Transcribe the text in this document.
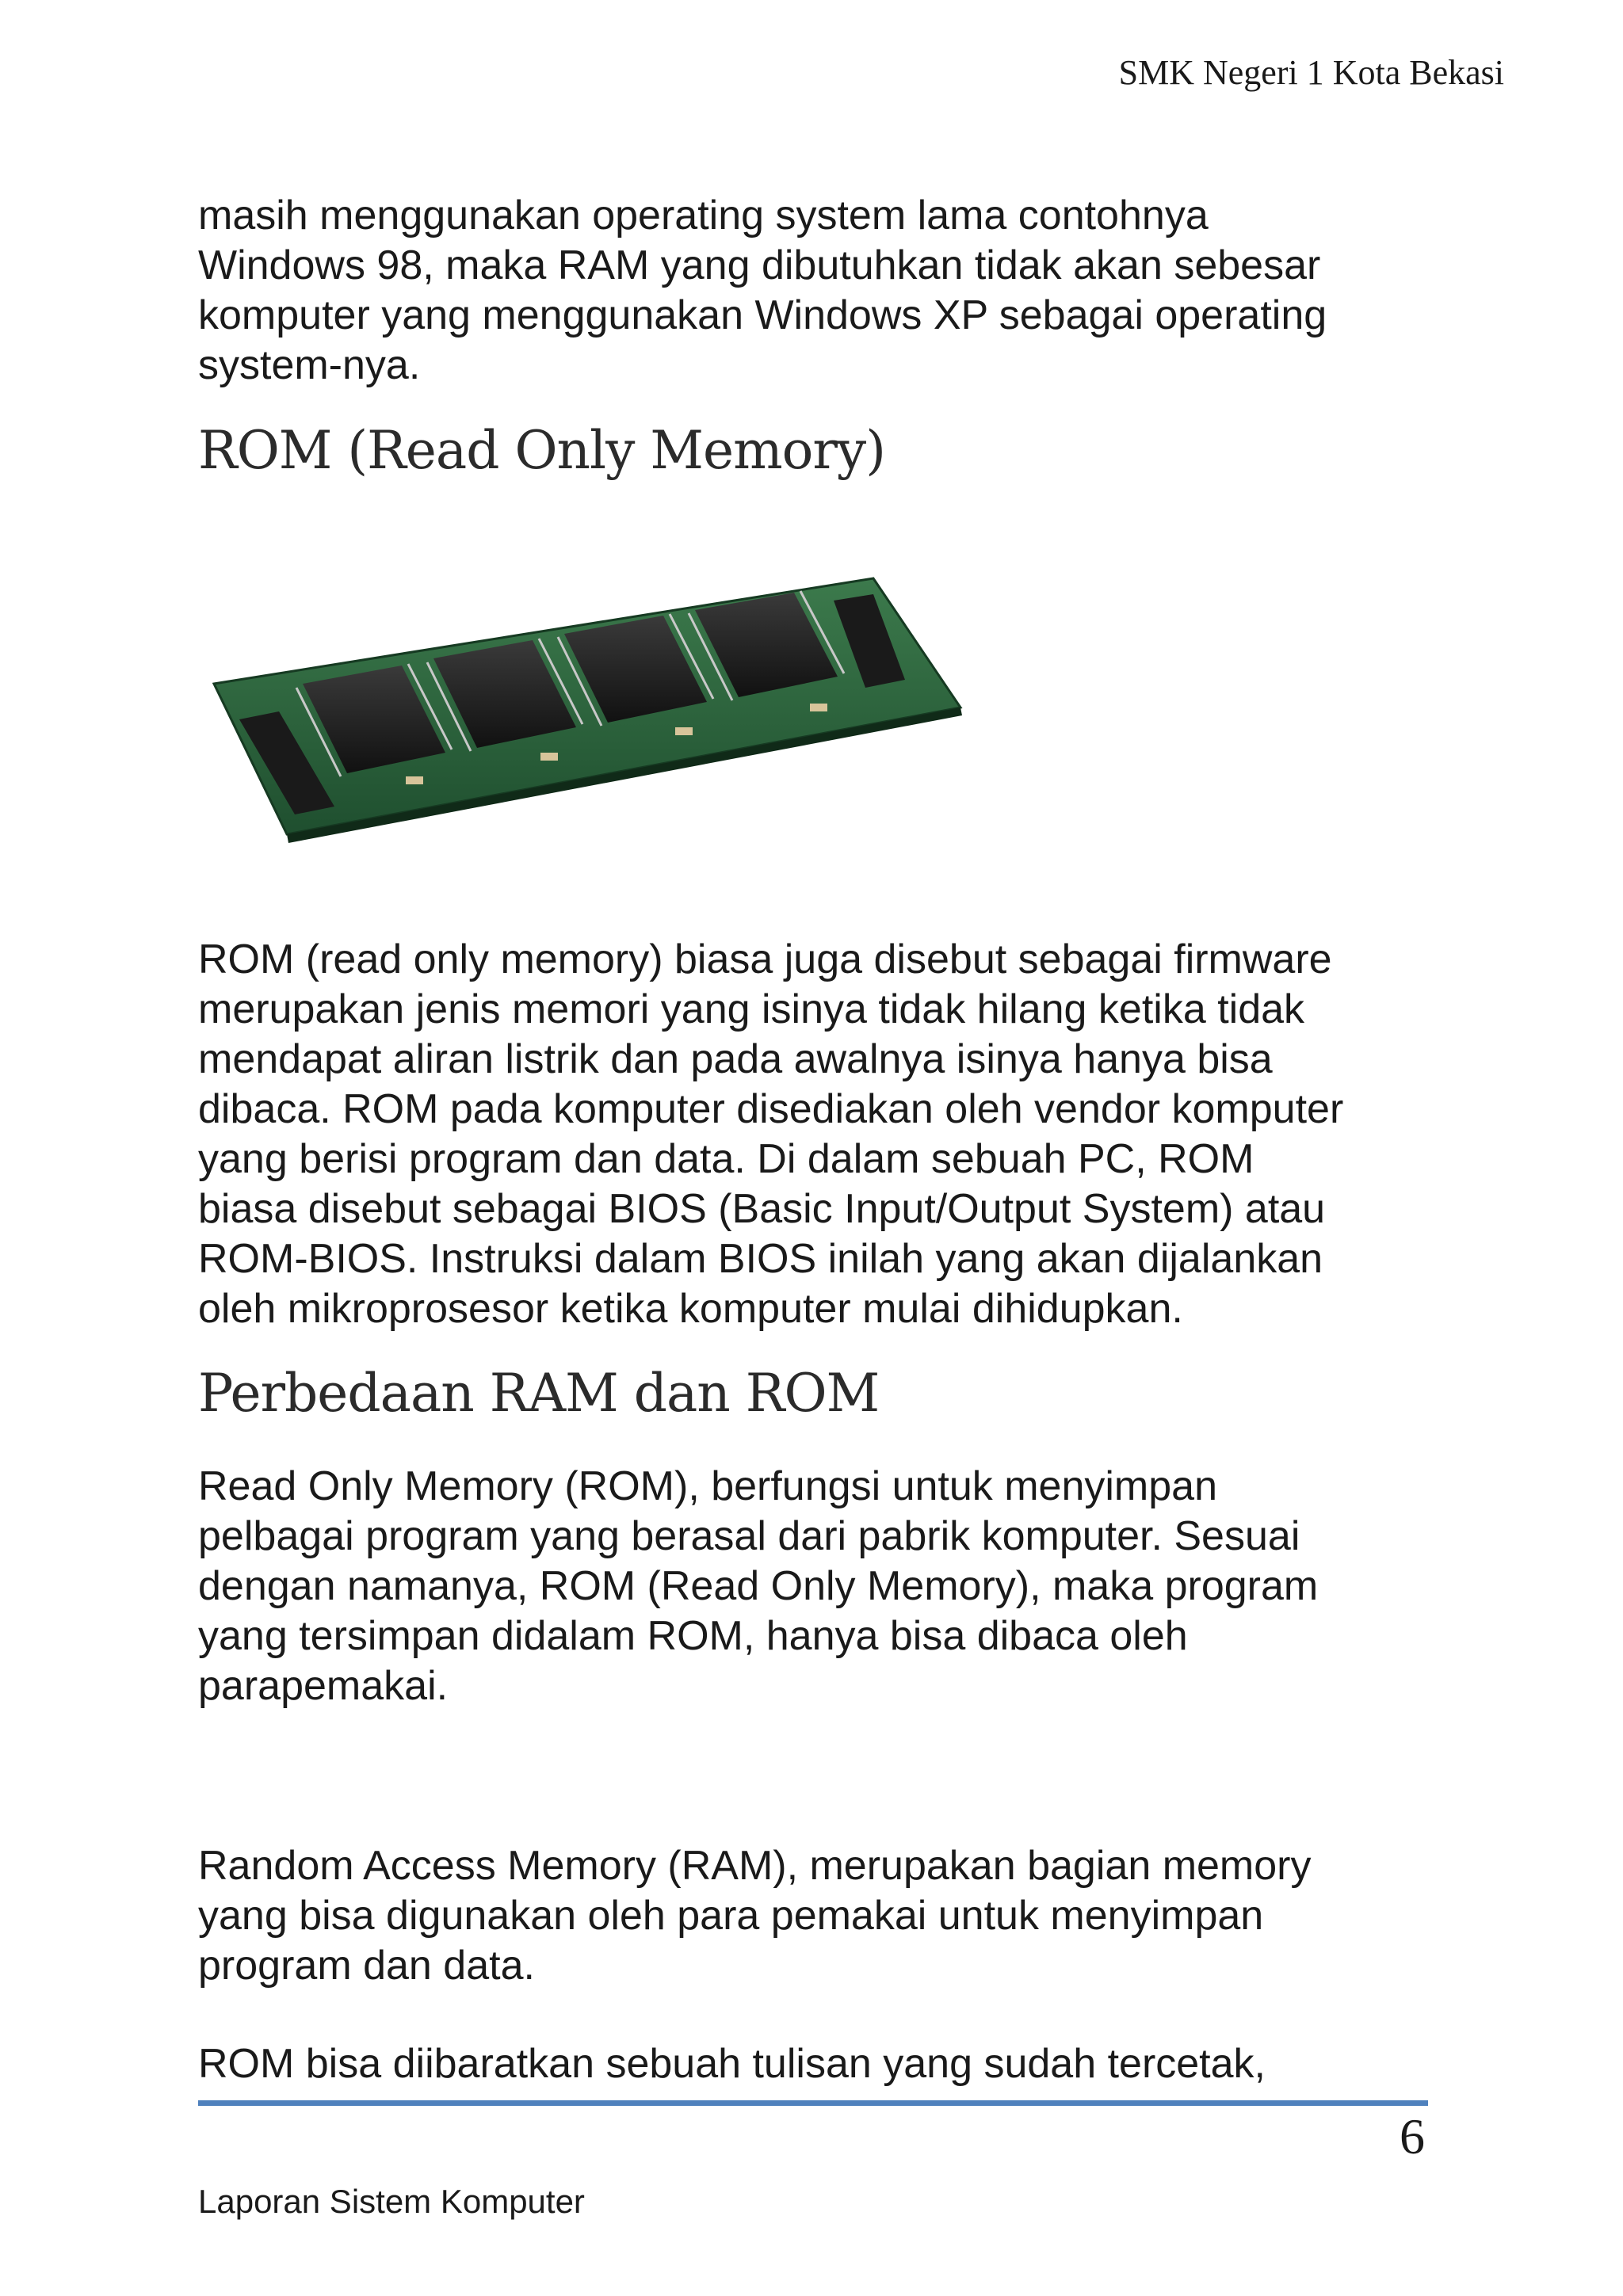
SMK Negeri 1 Kota Bekasi

masih menggunakan operating system lama contohnya

Windows 98, maka RAM yang dibutuhkan tidak akan sebesar

komputer yang menggunakan Windows XP sebagai operating

system-nya.

ROM (Read Only Memory)

ROM (read only memory) biasa juga disebut sebagai firmware

merupakan jenis memori yang isinya tidak hilang ketika tidak

mendapat aliran listrik dan pada awalnya isinya hanya bisa

dibaca. ROM pada komputer disediakan oleh vendor komputer

yang berisi program dan data. Di dalam sebuah PC, ROM

biasa disebut sebagai BIOS (Basic Input/Output System) atau

ROM-BIOS. Instruksi dalam BIOS inilah yang akan dijalankan

oleh mikroprosesor ketika komputer mulai dihidupkan.

Perbedaan RAM dan ROM

Read Only Memory (ROM), berfungsi untuk menyimpan

pelbagai program yang berasal dari pabrik komputer. Sesuai

dengan namanya, ROM (Read Only Memory), maka program

yang tersimpan didalam ROM, hanya bisa dibaca oleh

parapemakai.

Random Access Memory (RAM), merupakan bagian memory

yang bisa digunakan oleh para pemakai untuk menyimpan

program dan data.

ROM bisa diibaratkan sebuah tulisan yang sudah tercetak,

6
Laporan Sistem Komputer
